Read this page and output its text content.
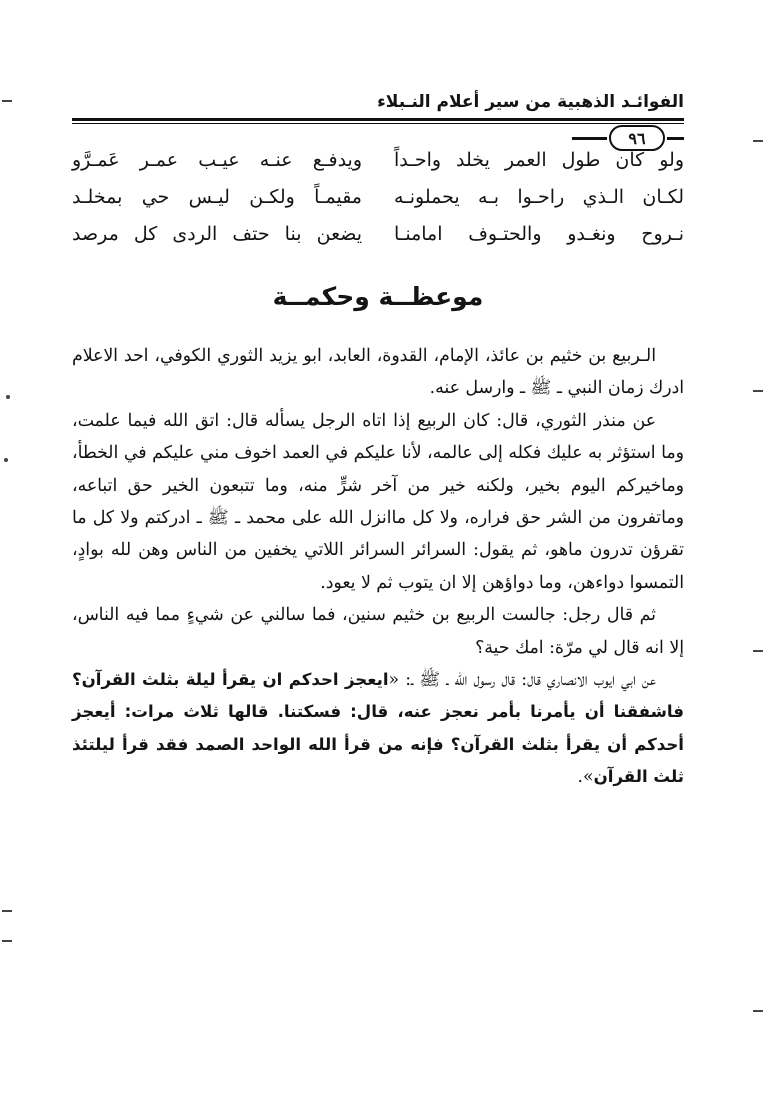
الفوائـد الذهبية من سير أعلام النـبلاء
٩٦
ولو كان طول العمر يخلد واحـداً
ويدفـع عنـه عيـب عمـر عَمـرَّو
لكـان الـذي راحـوا بـه يحملونـه
مقيمـاً ولكـن ليـس حي بمخلـد
نـروح ونغـدو والحتـوف امامنـا
يضعن بنا حتف الردى كل مرصد
موعظــة وحكمــة

الـربيع بن خثيم بن عائذ، الإمام، القدوة، العابد، ابو يزيد الثوري الكوفي، احد الاعلام ادرك زمان النبي ـ ﷺ ـ وارسل عنه.

عن منذر الثوري، قال: كان الربيع إذا اتاه الرجل يسأله قال: اتق الله فيما علمت، وما استؤثر به عليك فكله إلى عالمه، لأنا عليكم في العمد اخوف مني عليكم في الخطأ، وماخيركم اليوم بخير، ولكنه خير من آخر شرٍّ منه، وما تتبعون الخير حق اتباعه، وماتفرون من الشر حق فراره، ولا كل ماانزل الله على محمد ـ ﷺ ـ ادركتم ولا كل ما تقرؤن تدرون ماهو، ثم يقول: السرائر السرائر اللاتي يخفين من الناس وهن لله بوادٍ، التمسوا دواءهن، وما دواؤهن إلا ان يتوب ثم لا يعود.

ثم قال رجل: جالست الربيع بن خثيم سنين، فما سالني عن شيءٍ مما فيه الناس، إلا انه قال لي مرّة: امك حية؟

عن ابي ايوب الانصاري قال: قال رسول الله ـ ﷺ ـ: «ايعجز احدكم ان يقرأ ليلة بثلث القرآن؟ فاشفقنا أن يأمرنا بأمر نعجز عنه، قال: فسكتنا. قالها ثلاث مرات: أيعجز أحدكم أن يقرأ بثلث القرآن؟ فإنه من قرأ الله الواحد الصمد فقد قرأ ليلتئذ ثلث القرآن».
